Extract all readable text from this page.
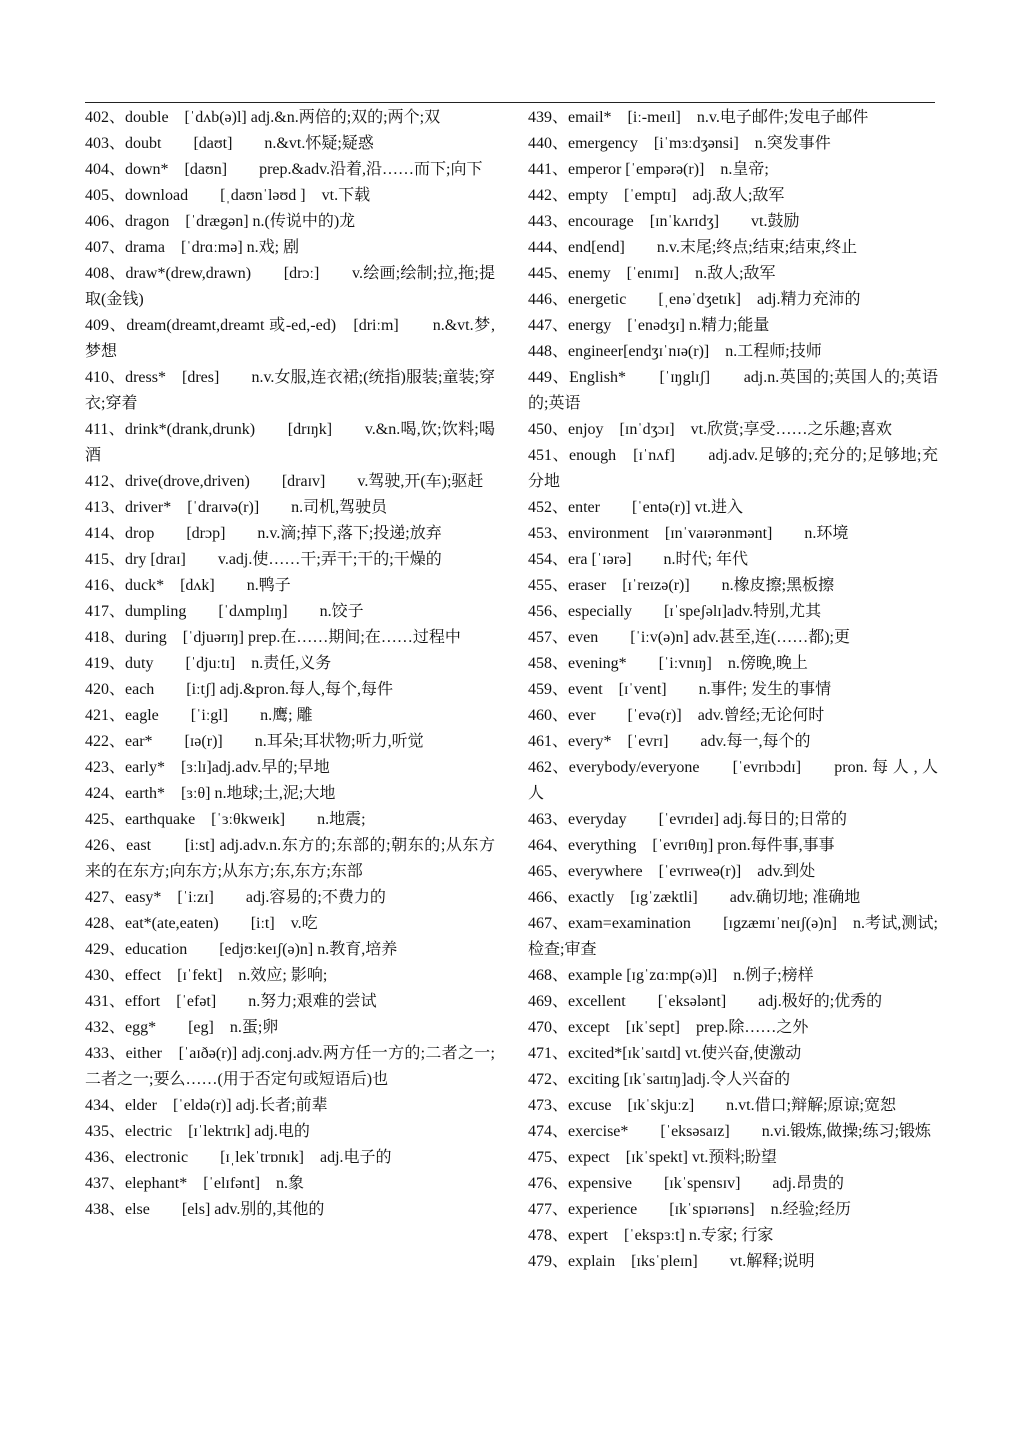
402、double　[ˈdʌb(ə)l] adj.&n.两倍的;双的;两个;双

403、doubt　　[daʊt]　　n.&vt.怀疑;疑惑

404、down*　[daʊn]　　prep.&adv.沿着,沿……而下;向下

405、download　　[ˌdaʊnˈləʊd ]　vt.下载

406、dragon　[ˈdrægən] n.(传说中的)龙

407、drama　[ˈdrɑːmə] n.戏; 剧

408、draw*(drew,drawn)　　[drɔː]　　v.绘画;绘制;拉,拖;提取(金钱)

409、dream(dreamt,dreamt 或-ed,-ed)　[driːm]　　n.&vt.梦,梦想

410、dress*　[dres]　　n.v.女服,连衣裙;(统指)服装;童装;穿衣;穿着

411、drink*(drank,drunk)　　[drɪŋk]　　v.&n.喝,饮;饮料;喝酒

412、drive(drove,driven)　　[draɪv]　　v.驾驶,开(车);驱赶

413、driver*　[ˈdraɪvə(r)]　　n.司机,驾驶员

414、drop　　[drɔp]　　n.v.滴;掉下,落下;投递;放弃

415、dry [draɪ]　　v.adj.使……干;弄干;干的;干燥的

416、duck*　[dʌk]　　n.鸭子

417、dumpling　　[ˈdʌmplɪŋ]　　n.饺子

418、during　[ˈdjuərɪŋ] prep.在……期间;在……过程中

419、duty　　[ˈdjuːtɪ]　n.责任,义务

420、each　　[iːtʃ] adj.&pron.每人,每个,每件

421、eagle　　[ˈiːgl]　　n.鹰; 雕

422、ear*　　[ɪə(r)]　　n.耳朵;耳状物;听力,听觉

423、early*　[ɜːlɪ]adj.adv.早的;早地

424、earth*　[ɜːθ] n.地球;土,泥;大地

425、earthquake　[ˈɜːθkweɪk]　　n.地震;

426、east　　[iːst] adj.adv.n.东方的;东部的;朝东的;从东方来的在东方;向东方;从东方;东,东方;东部

427、easy*　[ˈiːzɪ]　　adj.容易的;不费力的

428、eat*(ate,eaten)　　[iːt]　v.吃

429、education　　[edjʊːkeɪʃ(ə)n] n.教育,培养

430、effect　[ɪˈfekt]　n.效应; 影响;

431、effort　[ˈefət]　　n.努力;艰难的尝试

432、egg*　　[eg]　n.蛋;卵

433、either　[ˈaɪðə(r)] adj.conj.adv.两方任一方的;二者之一;二者之一;要么……(用于否定句或短语后)也

434、elder　[ˈeldə(r)] adj.长者;前辈

435、electric　[ɪˈlektrɪk] adj.电的

436、electronic　　[ɪˌlekˈtrɒnɪk]　adj.电子的

437、elephant*　[ˈelɪfənt]　n.象

438、else　　[els] adv.别的,其他的

439、email*　[iː-meɪl]　n.v.电子邮件;发电子邮件

440、emergency　[iˈmɜːdʒənsi]　n.突发事件

441、emperor [ˈempərə(r)]　n.皇帝;

442、empty　[ˈemptɪ]　adj.敌人;敌军

443、encourage　[ɪnˈkʌrɪdʒ]　　vt.鼓励

444、end[end]　　n.v.末尾;终点;结束;结束,终止

445、enemy　[ˈenɪmɪ]　n.敌人;敌军

446、energetic　　[ˌenəˈdʒetɪk]　adj.精力充沛的

447、energy　[ˈenədʒɪ] n.精力;能量

448、engineer[endʒɪˈnɪə(r)]　n.工程师;技师

449、English*　　[ˈɪŋglɪʃ]　　adj.n.英国的;英国人的;英语的;英语

450、enjoy　[ɪnˈdʒɔɪ]　vt.欣赏;享受……之乐趣;喜欢

451、enough　[ɪˈnʌf]　　adj.adv.足够的;充分的;足够地;充分地

452、enter　　[ˈentə(r)] vt.进入

453、environment　[ɪnˈvaɪərənmənt]　　n.环境

454、era [ˈɪərə]　　n.时代; 年代

455、eraser　[ɪˈreɪzə(r)]　　n.橡皮擦;黑板擦

456、especially　　[ɪˈspeʃəlɪ]adv.特别,尤其

457、even　　[ˈiːv(ə)n] adv.甚至,连(……都);更

458、evening*　　[ˈiːvnɪŋ]　n.傍晚,晚上

459、event　[ɪˈvent]　　n.事件; 发生的事情

460、ever　　[ˈevə(r)]　adv.曾经;无论何时

461、every*　[ˈevrɪ]　　adv.每一,每个的

462、everybody/everyone　　[ˈevrɪbɔdɪ]　　pron. 每 人 , 人人

463、everyday　　[ˈevrɪdeɪ] adj.每日的;日常的

464、everything　[ˈevrɪθɪŋ] pron.每件事,事事

465、everywhere　[ˈevrɪweə(r)]　adv.到处

466、exactly　[ɪgˈzæktli]　　adv.确切地; 准确地

467、exam=examination　　[ɪgzæmɪˈneɪʃ(ə)n]　n.考试,测试;检查;审查

468、example [ɪgˈzɑːmp(ə)l]　n.例子;榜样

469、excellent　　[ˈeksələnt]　　adj.极好的;优秀的

470、except　[ɪkˈsept]　prep.除……之外

471、excited*[ɪkˈsaɪtd] vt.使兴奋,使激动

472、exciting [ɪkˈsaɪtɪŋ]adj.令人兴奋的

473、excuse　[ɪkˈskjuːz]　　n.vt.借口;辩解;原谅;宽恕

474、exercise*　　[ˈeksəsaɪz]　　n.vi.锻炼,做操;练习;锻炼

475、expect　[ɪkˈspekt] vt.预料;盼望

476、expensive　　[ɪkˈspensɪv]　　adj.昂贵的

477、experience　　[ɪkˈspɪərɪəns]　n.经验;经历

478、expert　[ˈekspɜːt] n.专家; 行家

479、explain　[ɪksˈpleɪn]　　vt.解释;说明
